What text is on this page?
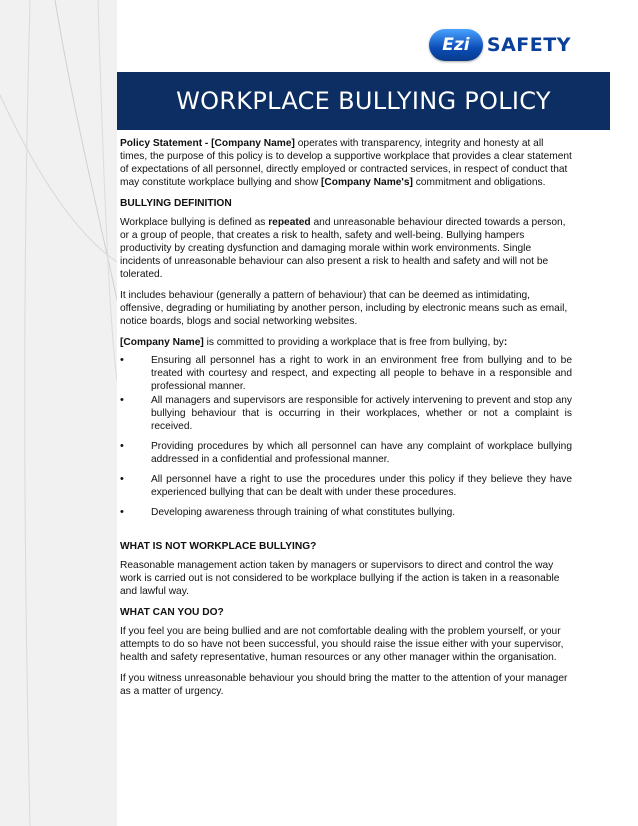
Ezi SAFETY
WORKPLACE BULLYING POLICY

Policy Statement - [Company Name] operates with transparency, integrity and honesty at all times, the purpose of this policy is to develop a supportive workplace that provides a clear statement of expectations of all personnel, directly employed or contracted services, in respect of conduct that may constitute workplace bullying and show [Company Name's] commitment and obligations.

BULLYING DEFINITION

Workplace bullying is defined as repeated and unreasonable behaviour directed towards a person, or a group of people, that creates a risk to health, safety and well-being. Bullying hampers productivity by creating dysfunction and damaging morale within work environments. Single incidents of unreasonable behaviour can also present a risk to health and safety and will not be tolerated.

It includes behaviour (generally a pattern of behaviour) that can be deemed as intimidating, offensive, degrading or humiliating by another person, including by electronic means such as email, notice boards, blogs and social networking websites.

[Company Name] is committed to providing a workplace that is free from bullying, by:

• Ensuring all personnel has a right to work in an environment free from bullying and to be treated with courtesy and respect, and expecting all people to behave in a responsible and professional manner.
• All managers and supervisors are responsible for actively intervening to prevent and stop any bullying behaviour that is occurring in their workplaces, whether or not a complaint is received.
• Providing procedures by which all personnel can have any complaint of workplace bullying addressed in a confidential and professional manner.
• All personnel have a right to use the procedures under this policy if they believe they have experienced bullying that can be dealt with under these procedures.
• Developing awareness through training of what constitutes bullying.

WHAT IS NOT WORKPLACE BULLYING?

Reasonable management action taken by managers or supervisors to direct and control the way work is carried out is not considered to be workplace bullying if the action is taken in a reasonable and lawful way.

WHAT CAN YOU DO?

If you feel you are being bullied and are not comfortable dealing with the problem yourself, or your attempts to do so have not been successful, you should raise the issue either with your supervisor, health and safety representative, human resources or any other manager within the organisation.

If you witness unreasonable behaviour you should bring the matter to the attention of your manager as a matter of urgency.
